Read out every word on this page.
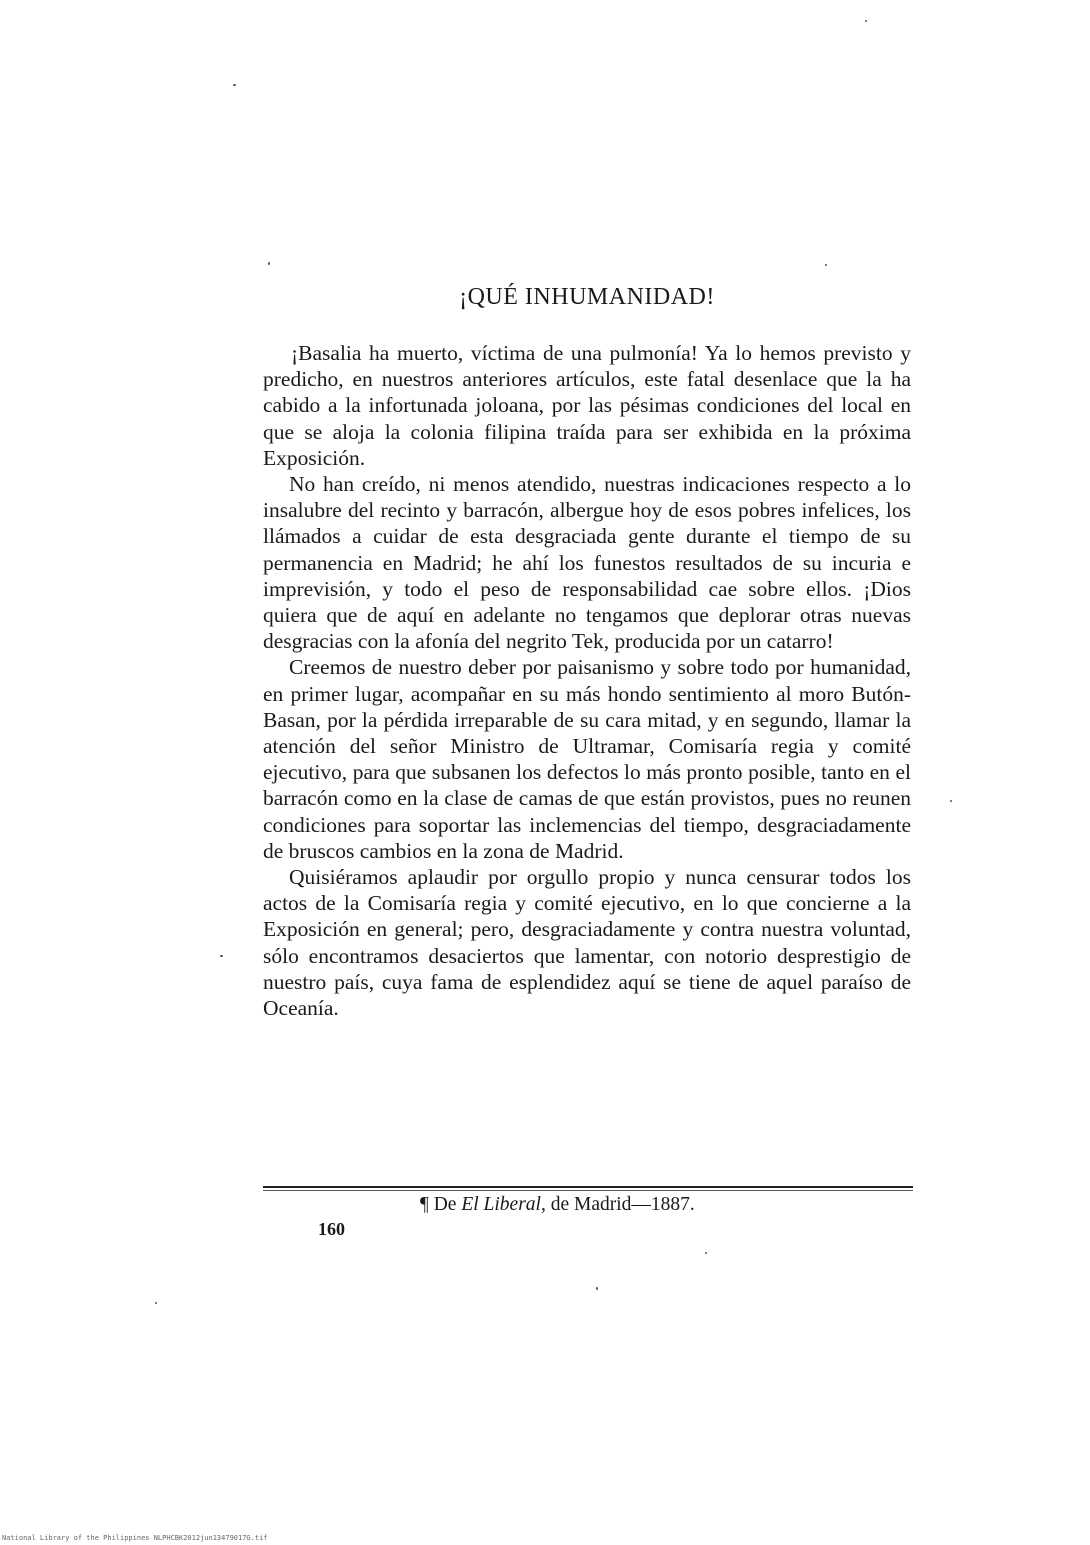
¡QUÉ INHUMANIDAD!

¡Basalia ha muerto, víctima de una pulmonía! Ya lo hemos previsto y predicho, en nuestros anteriores artículos, este fatal desenlace que la ha cabido a la infortunada joloana, por las pésimas condiciones del local en que se aloja la colonia filipina traída para ser exhibida en la próxima Exposición.

No han creído, ni menos atendido, nuestras indicaciones respecto a lo insalubre del recinto y barracón, albergue hoy de esos pobres infelices, los llámados a cuidar de esta desgraciada gente durante el tiempo de su permanencia en Madrid; he ahí los funestos resultados de su incuria e imprevisión, y todo el peso de responsabilidad cae sobre ellos. ¡Dios quiera que de aquí en adelante no tengamos que deplorar otras nuevas desgracias con la afonía del negrito Tek, producida por un catarro!

Creemos de nuestro deber por paisanismo y sobre todo por humanidad, en primer lugar, acompañar en su más hondo sentimiento al moro Butón-Basan, por la pérdida irreparable de su cara mitad, y en segundo, llamar la atención del señor Ministro de Ultramar, Comisaría regia y comité ejecutivo, para que subsanen los defectos lo más pronto posible, tanto en el barracón como en la clase de camas de que están provistos, pues no reunen condiciones para soportar las inclemencias del tiempo, desgraciadamente de bruscos cambios en la zona de Madrid.

Quisiéramos aplaudir por orgullo propio y nunca censurar todos los actos de la Comisaría regia y comité ejecutivo, en lo que concierne a la Exposición en general; pero, desgraciadamente y contra nuestra voluntad, sólo encontramos desaciertos que lamentar, con notorio desprestigio de nuestro país, cuya fama de esplendidez aquí se tiene de aquel paraíso de Oceanía.

¶ De El Liberal, de Madrid—1887.
160
National Library of the Philippines NLPHCBK2012jun13479017G.tif
